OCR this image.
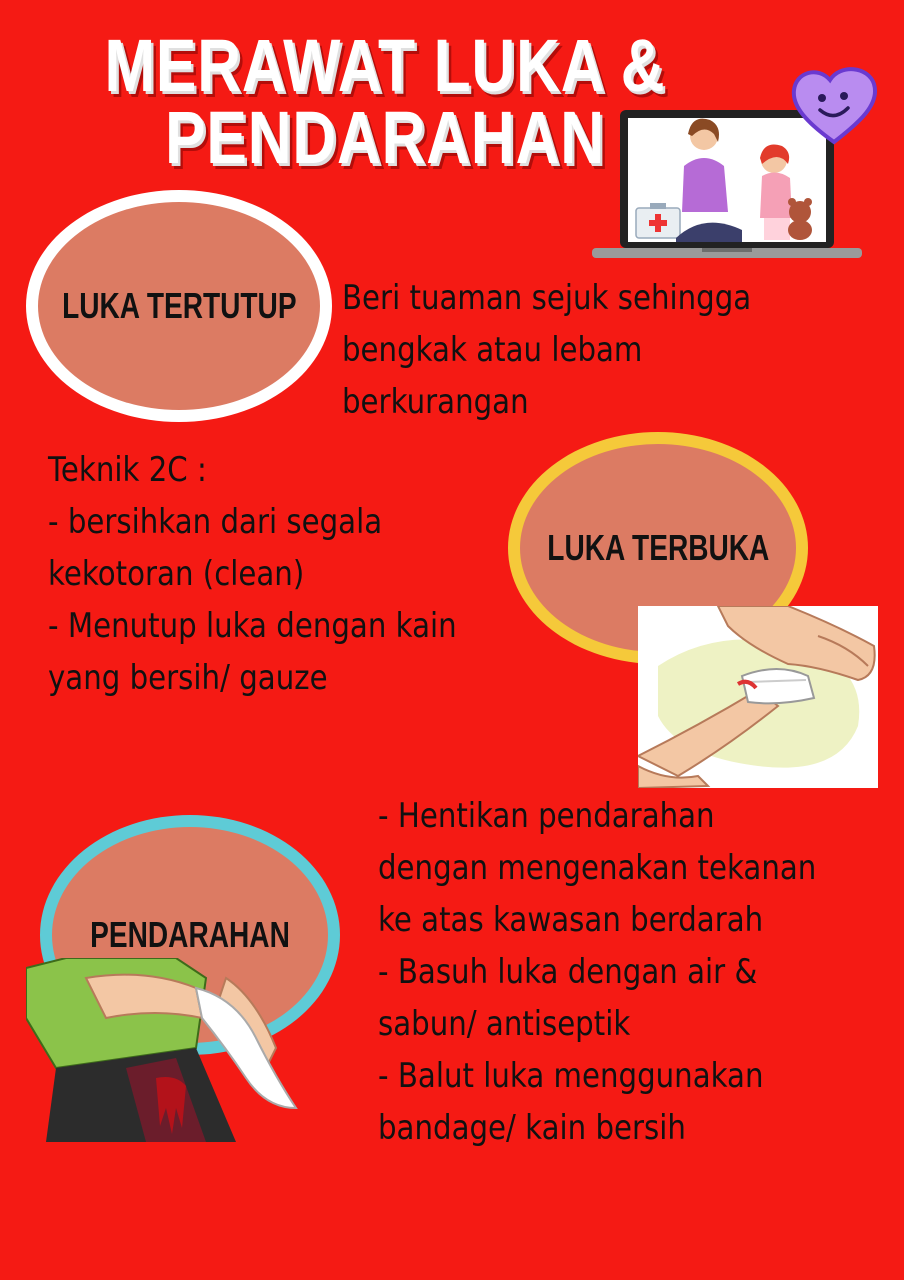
MERAWAT LUKA &
PENDARAHAN
LUKA TERTUTUP Beri tuaman sejuk sehingga
bengkak atau lebam
berkurangan
Teknik 2C :
- bersihkan dari segala
kekotoran (clean)
- Menutup luka dengan kain
yang bersih/ gauze
LUKA TERBUKA
PENDARAHAN
- Hentikan pendarahan
dengan mengenakan tekanan
ke atas kawasan berdarah
- Basuh luka dengan air &
sabun/ antiseptik
- Balut luka menggunakan
bandage/ kain bersih
